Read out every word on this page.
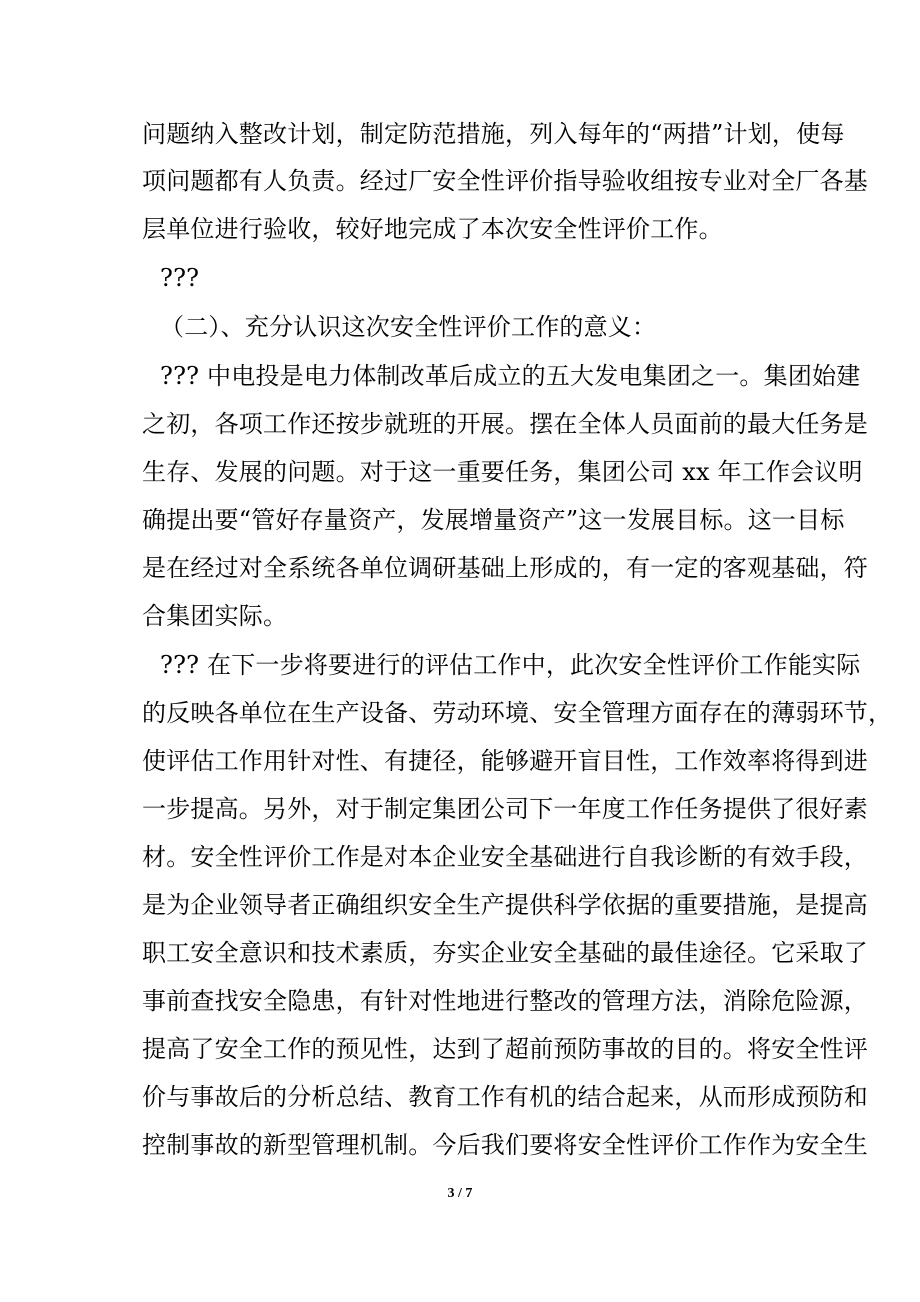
问题纳入整改计划，制定防范措施，列入每年的“两措”计划，使每
项问题都有人负责。经过厂安全性评价指导验收组按专业对全厂各基
层单位进行验收，较好地完成了本次安全性评价工作。
???
（二）、充分认识这次安全性评价工作的意义：
??? 中电投是电力体制改革后成立的五大发电集团之一。集团始建
之初，各项工作还按步就班的开展。摆在全体人员面前的最大任务是
生存、发展的问题。对于这一重要任务，集团公司 xx 年工作会议明
确提出要“管好存量资产，发展增量资产”这一发展目标。这一目标
是在经过对全系统各单位调研基础上形成的，有一定的客观基础，符
合集团实际。
??? 在下一步将要进行的评估工作中，此次安全性评价工作能实际
的反映各单位在生产设备、劳动环境、安全管理方面存在的薄弱环节，
使评估工作用针对性、有捷径，能够避开盲目性，工作效率将得到进
一步提高。另外，对于制定集团公司下一年度工作任务提供了很好素
材。安全性评价工作是对本企业安全基础进行自我诊断的有效手段，
是为企业领导者正确组织安全生产提供科学依据的重要措施，是提高
职工安全意识和技术素质，夯实企业安全基础的最佳途径。它采取了
事前查找安全隐患，有针对性地进行整改的管理方法，消除危险源，
提高了安全工作的预见性，达到了超前预防事故的目的。将安全性评
价与事故后的分析总结、教育工作有机的结合起来，从而形成预防和
控制事故的新型管理机制。今后我们要将安全性评价工作作为安全生
3 / 7
